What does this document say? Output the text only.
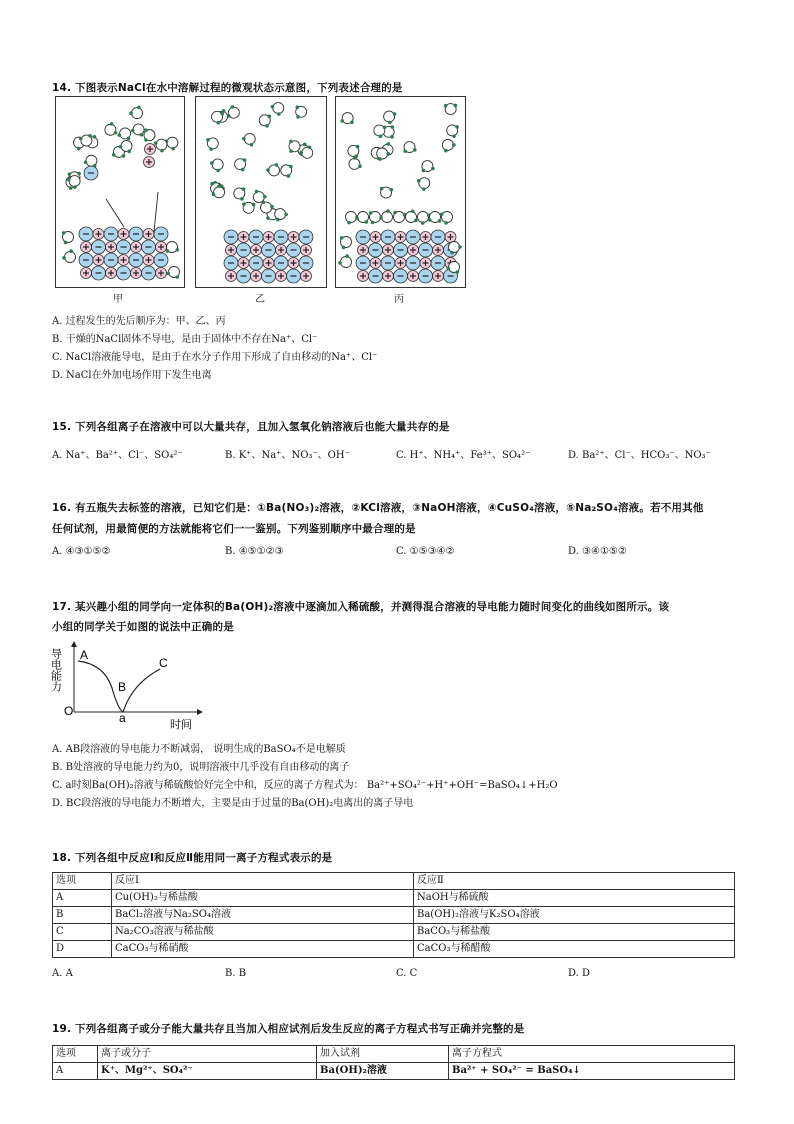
14. 下图表示NaCl在水中溶解过程的微观状态示意图，下列表述合理的是
甲	乙	丙
A. 过程发生的先后顺序为：甲、乙、丙
B. 干燥的NaCl固体不导电，是由于固体中不存在Na⁺、Cl⁻
C. NaCl溶液能导电，是由于在水分子作用下形成了自由移动的Na⁺、Cl⁻
D. NaCl在外加电场作用下发生电离
15. 下列各组离子在溶液中可以大量共存，且加入氢氧化钠溶液后也能大量共存的是
A. Na⁺、Ba²⁺、Cl⁻、SO₄²⁻	B. K⁺、Na⁺、NO₃⁻、OH⁻	C. H⁺、NH₄⁺、Fe³⁺、SO₄²⁻	D. Ba²⁺、Cl⁻、HCO₃⁻、NO₃⁻
16. 有五瓶失去标签的溶液，已知它们是：①Ba(NO₃)₂溶液，②KCl溶液，③NaOH溶液，④CuSO₄溶液，⑤Na₂SO₄溶液。若不用其他
任何试剂，用最简便的方法就能将它们一一鉴别。下列鉴别顺序中最合理的是
A. ④③①⑤②	B. ④⑤①②③	C. ①⑤③④②	D. ③④①⑤②
17. 某兴趣小组的同学向一定体积的Ba(OH)₂溶液中逐滴加入稀硫酸，并测得混合溶液的导电能力随时间变化的曲线如图所示。该
小组的同学关于如图的说法中正确的是
导电能力 A
B
C
O	a	时间
A. AB段溶液的导电能力不断减弱， 说明生成的BaSO₄不是电解质
B. B处溶液的导电能力约为0，说明溶液中几乎没有自由移动的离子
C. a时刻Ba(OH)₂溶液与稀硫酸恰好完全中和，反应的离子方程式为： Ba²⁺+SO₄²⁻+H⁺+OH⁻=BaSO₄↓+H₂O
D. BC段溶液的导电能力不断增大，主要是由于过量的Ba(OH)₂电离出的离子导电
18. 下列各组中反应Ⅰ和反应Ⅱ能用同一离子方程式表示的是
选项	反应Ⅰ	反应Ⅱ
A	Cu(OH)₂与稀盐酸	NaOH与稀硫酸
B	BaCl₂溶液与Na₂SO₄溶液	Ba(OH)₂溶液与K₂SO₄溶液
C	Na₂CO₃溶液与稀盐酸	BaCO₃与稀盐酸
D	CaCO₃与稀硝酸	CaCO₃与稀醋酸
A. A	B. B	C. C	D. D
19. 下列各组离子或分子能大量共存且当加入相应试剂后发生反应的离子方程式书写正确并完整的是
选项	离子或分子	加入试剂	离子方程式
A	K⁺、Mg²⁺、SO₄²⁻	Ba(OH)₂溶液	Ba²⁺ + SO₄²⁻ = BaSO₄↓
